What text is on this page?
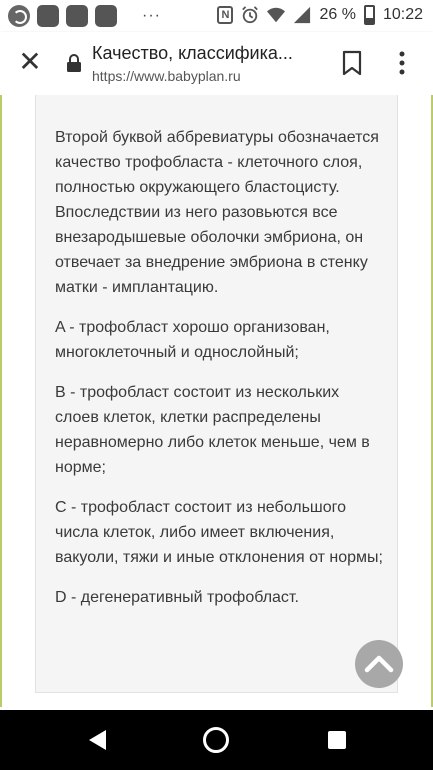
···	N	26 % 10:22
✕	Качество, классифика...
https://www.babyplan.ru

Второй буквой аббревиатуры обозначается качество трофобласта - клеточного слоя, полностью окружающего бластоцисту. Впоследствии из него разовьются все внезародышевые оболочки эмбриона, он отвечает за внедрение эмбриона в стенку матки - имплантацию.

A - трофобласт хорошо организован, многоклеточный и однослойный;

B - трофобласт состоит из нескольких слоев клеток, клетки распределены неравномерно либо клеток меньше, чем в норме;

C - трофобласт состоит из небольшого числа клеток, либо имеет включения, вакуоли, тяжи и иные отклонения от нормы;

D - дегенеративный трофобласт.
